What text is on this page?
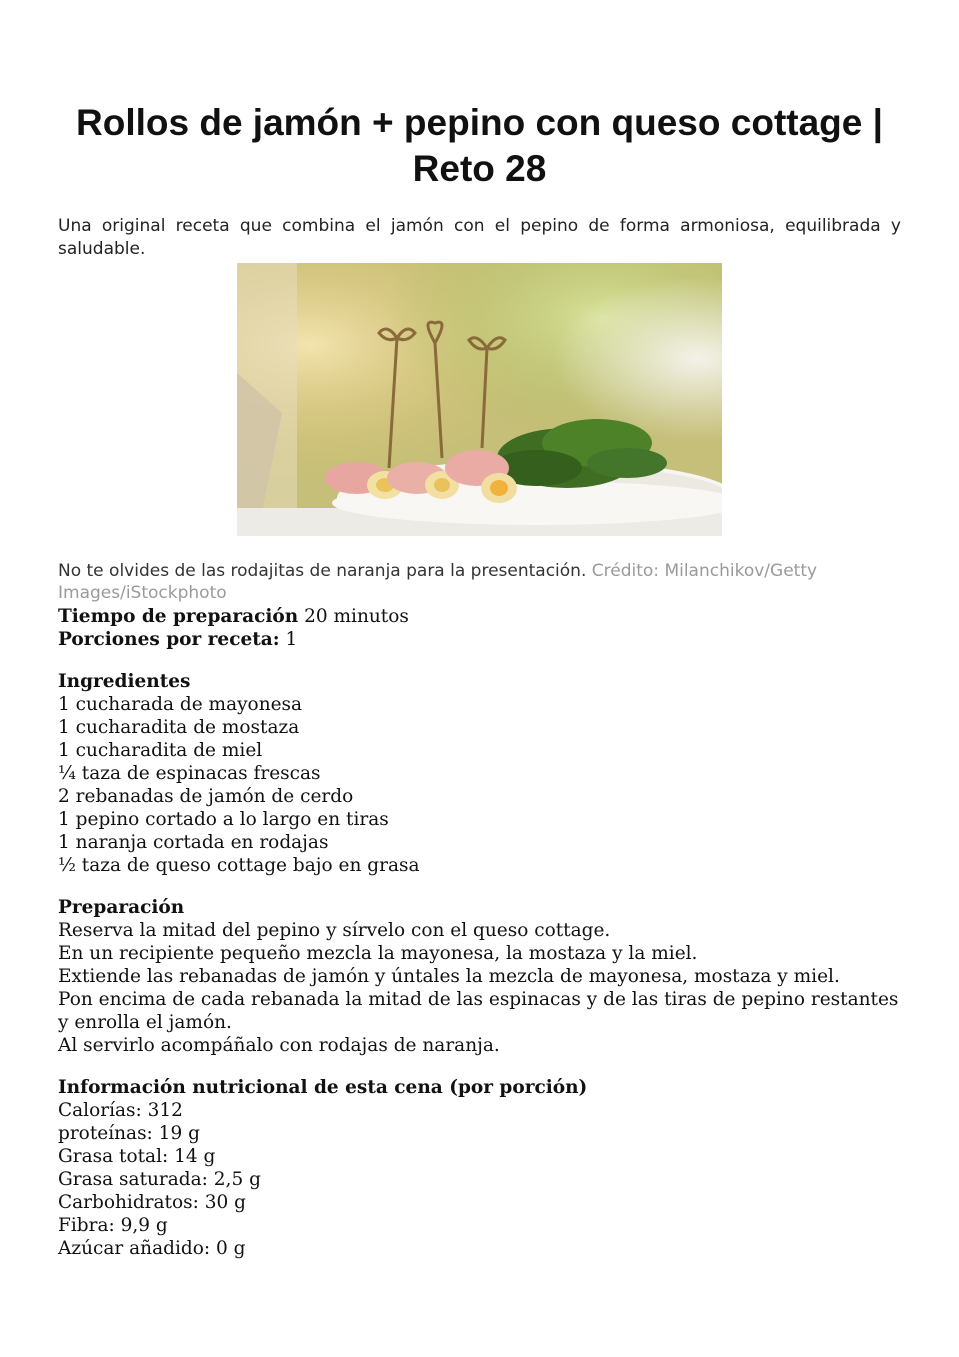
Rollos de jamón + pepino con queso cottage | Reto 28

Una original receta que combina el jamón con el pepino de forma armoniosa, equilibrada y saludable.

No te olvides de las rodajitas de naranja para la presentación. Crédito: Milanchikov/Getty Images/iStockphoto

Tiempo de preparación 20 minutos

Porciones por receta: 1

Ingredientes

1 cucharada de mayonesa

1 cucharadita de mostaza

1 cucharadita de miel

¼ taza de espinacas frescas

2 rebanadas de jamón de cerdo

1 pepino cortado a lo largo en tiras

1 naranja cortada en rodajas

½ taza de queso cottage bajo en grasa

Preparación

Reserva la mitad del pepino y sírvelo con el queso cottage.

En un recipiente pequeño mezcla la mayonesa, la mostaza y la miel.

Extiende las rebanadas de jamón y úntales la mezcla de mayonesa, mostaza y miel.

Pon encima de cada rebanada la mitad de las espinacas y de las tiras de pepino restantes y enrolla el jamón.

Al servirlo acompáñalo con rodajas de naranja.

Información nutricional de esta cena (por porción)

Calorías: 312

proteínas: 19 g

Grasa total: 14 g

Grasa saturada: 2,5 g

Carbohidratos: 30 g

Fibra: 9,9 g

Azúcar añadido: 0 g
